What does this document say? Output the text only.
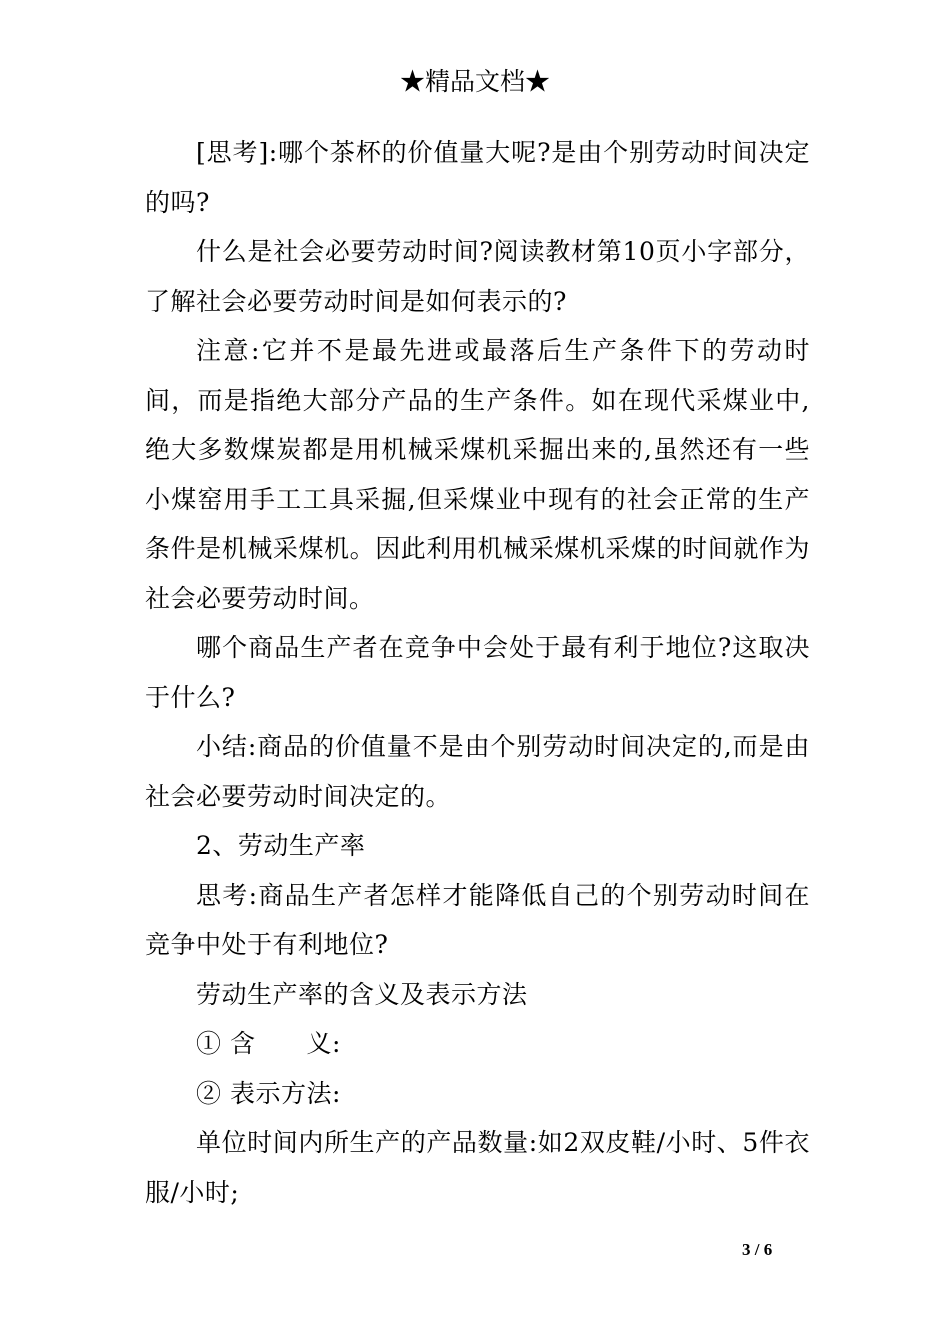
★精品文档★

[思考]:哪个茶杯的价值量大呢?是由个别劳动时间决定的吗?

什么是社会必要劳动时间?阅读教材第10页小字部分，了解社会必要劳动时间是如何表示的?

注意:它并不是最先进或最落后生产条件下的劳动时间，而是指绝大部分产品的生产条件。如在现代采煤业中,绝大多数煤炭都是用机械采煤机采掘出来的,虽然还有一些小煤窑用手工工具采掘,但采煤业中现有的社会正常的生产条件是机械采煤机。因此利用机械采煤机采煤的时间就作为社会必要劳动时间。

哪个商品生产者在竞争中会处于最有利于地位?这取决于什么?

小结:商品的价值量不是由个别劳动时间决定的,而是由社会必要劳动时间决定的。

2、劳动生产率

思考:商品生产者怎样才能降低自己的个别劳动时间在竞争中处于有利地位?

劳动生产率的含义及表示方法

① 含　　义:

② 表示方法:

单位时间内所生产的产品数量:如2双皮鞋/小时、5件衣服/小时;

3 / 6
